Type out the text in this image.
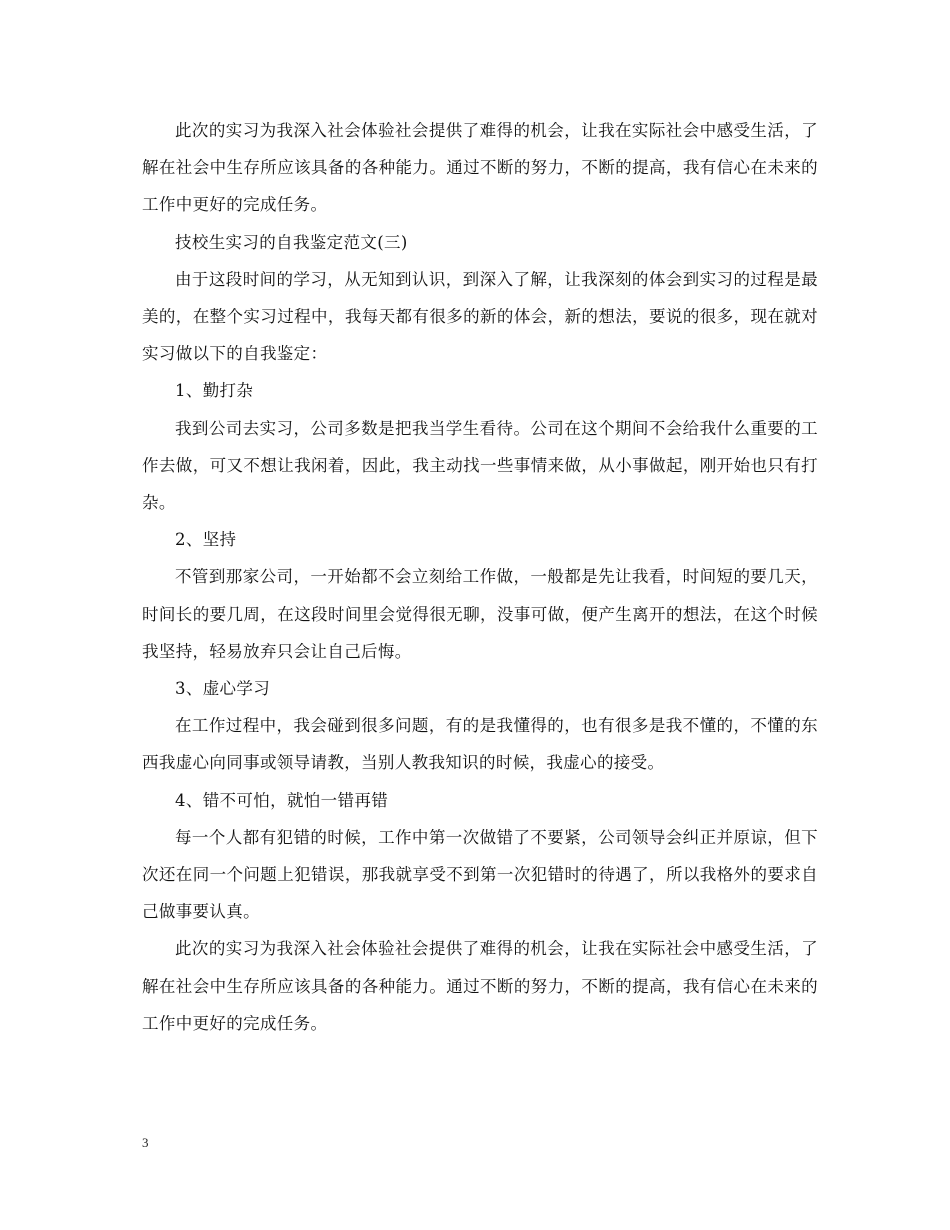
此次的实习为我深入社会体验社会提供了难得的机会，让我在实际社会中感受生活，了解在社会中生存所应该具备的各种能力。通过不断的努力，不断的提高，我有信心在未来的工作中更好的完成任务。

技校生实习的自我鉴定范文(三)

由于这段时间的学习，从无知到认识，到深入了解，让我深刻的体会到实习的过程是最美的，在整个实习过程中，我每天都有很多的新的体会，新的想法，要说的很多，现在就对实习做以下的自我鉴定：

1、勤打杂

我到公司去实习，公司多数是把我当学生看待。公司在这个期间不会给我什么重要的工作去做，可又不想让我闲着，因此，我主动找一些事情来做，从小事做起，刚开始也只有打杂。

2、坚持

不管到那家公司，一开始都不会立刻给工作做，一般都是先让我看，时间短的要几天，时间长的要几周，在这段时间里会觉得很无聊，没事可做，便产生离开的想法，在这个时候我坚持，轻易放弃只会让自己后悔。

3、虚心学习

在工作过程中，我会碰到很多问题，有的是我懂得的，也有很多是我不懂的，不懂的东西我虚心向同事或领导请教，当别人教我知识的时候，我虚心的接受。

4、错不可怕，就怕一错再错

每一个人都有犯错的时候，工作中第一次做错了不要紧，公司领导会纠正并原谅，但下次还在同一个问题上犯错误，那我就享受不到第一次犯错时的待遇了，所以我格外的要求自己做事要认真。

此次的实习为我深入社会体验社会提供了难得的机会，让我在实际社会中感受生活，了解在社会中生存所应该具备的各种能力。通过不断的努力，不断的提高，我有信心在未来的工作中更好的完成任务。

3
